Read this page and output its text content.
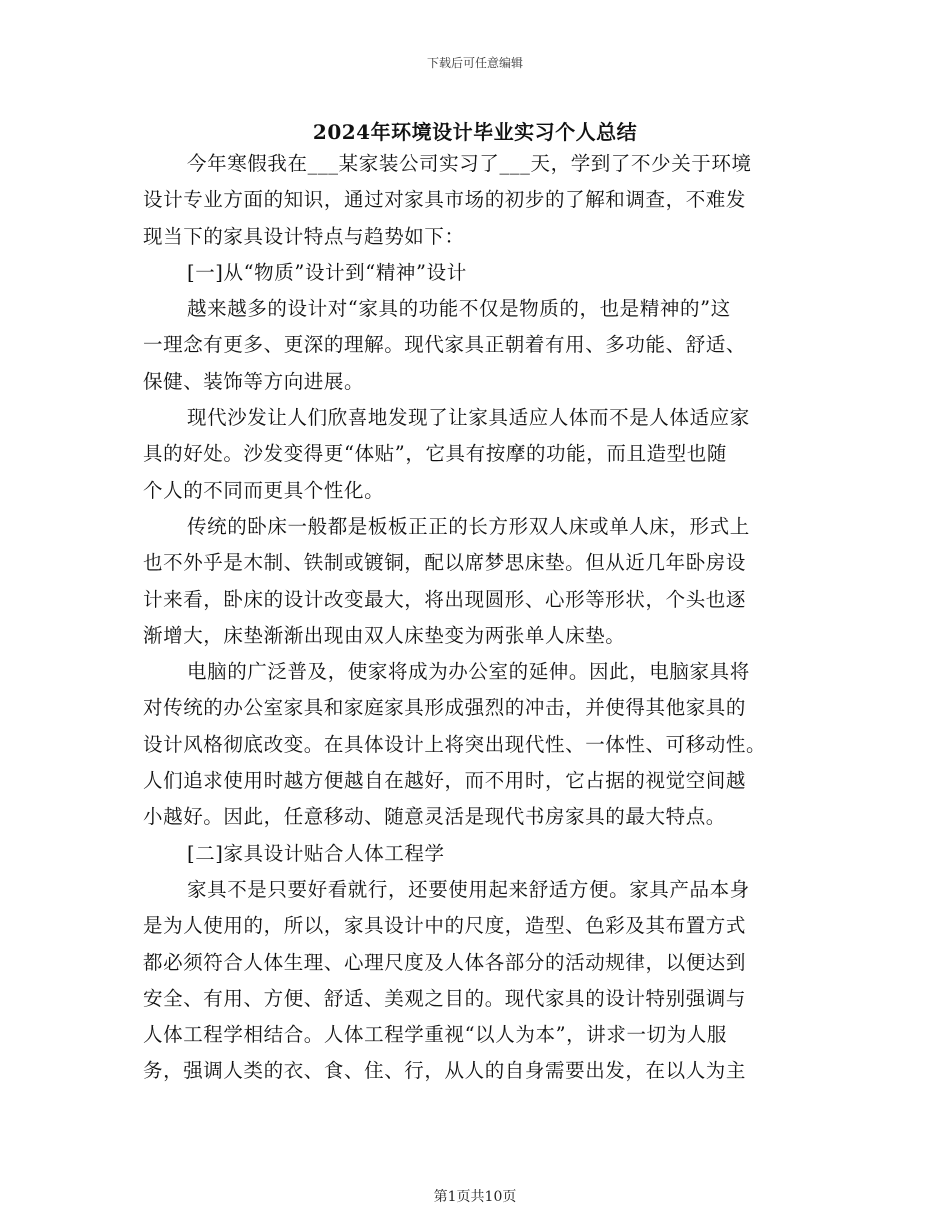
下载后可任意编辑
2024年环境设计毕业实习个人总结

今年寒假我在___某家装公司实习了___天，学到了不少关于环境

设计专业方面的知识，通过对家具市场的初步的了解和调查，不难发

现当下的家具设计特点与趋势如下：

[一]从“物质”设计到“精神”设计

越来越多的设计对“家具的功能不仅是物质的，也是精神的”这

一理念有更多、更深的理解。现代家具正朝着有用、多功能、舒适、

保健、装饰等方向进展。

现代沙发让人们欣喜地发现了让家具适应人体而不是人体适应家

具的好处。沙发变得更“体贴”，它具有按摩的功能，而且造型也随

个人的不同而更具个性化。

传统的卧床一般都是板板正正的长方形双人床或单人床，形式上

也不外乎是木制、铁制或镀铜，配以席梦思床垫。但从近几年卧房设

计来看，卧床的设计改变最大，将出现圆形、心形等形状，个头也逐

渐增大，床垫渐渐出现由双人床垫变为两张单人床垫。

电脑的广泛普及，使家将成为办公室的延伸。因此，电脑家具将

对传统的办公室家具和家庭家具形成强烈的冲击，并使得其他家具的

设计风格彻底改变。在具体设计上将突出现代性、一体性、可移动性。

人们追求使用时越方便越自在越好，而不用时，它占据的视觉空间越

小越好。因此，任意移动、随意灵活是现代书房家具的最大特点。

[二]家具设计贴合人体工程学

家具不是只要好看就行，还要使用起来舒适方便。家具产品本身

是为人使用的，所以，家具设计中的尺度，造型、色彩及其布置方式

都必须符合人体生理、心理尺度及人体各部分的活动规律，以便达到

安全、有用、方便、舒适、美观之目的。现代家具的设计特别强调与

人体工程学相结合。人体工程学重视“以人为本”，讲求一切为人服

务，强调人类的衣、食、住、行，从人的自身需要出发，在以人为主

第1页共10页
